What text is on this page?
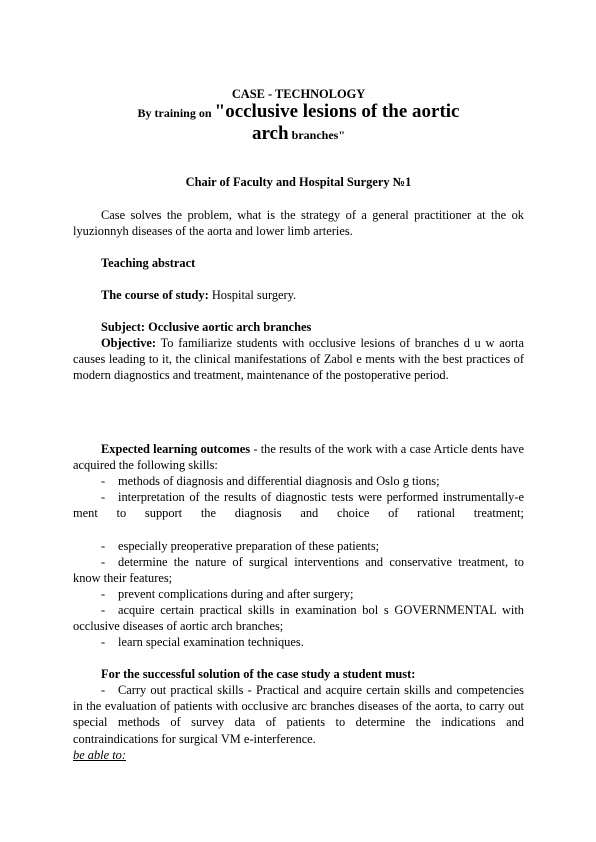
CASE - TECHNOLOGY
By training on "occlusive lesions of the aortic
arch branches"
Chair of Faculty and Hospital Surgery №1
Case solves the problem, what is the strategy of a general practitioner at the ok lyuzionnyh diseases of the aorta and lower limb arteries.
Teaching abstract
The course of study: Hospital surgery.
Subject: Occlusive aortic arch branches
Objective: To familiarize students with occlusive lesions of branches d u w aorta causes leading to it, the clinical manifestations of Zabol e ments with the best practices of modern diagnostics and treatment, maintenance of the postoperative period.
Expected learning outcomes - the results of the work with a case Article dents have acquired the following skills:
- methods of diagnosis and differential diagnosis and Oslo g tions;
- interpretation of the results of diagnostic tests were performed instrumentally-e ment to support the diagnosis and choice of rational treatment;
- especially preoperative preparation of these patients;
- determine the nature of surgical interventions and conservative treatment, to know their features;
- prevent complications during and after surgery;
- acquire certain practical skills in examination bol s GOVERNMENTAL with occlusive diseases of aortic arch branches;
- learn special examination techniques.
For the successful solution of the case study a student must:
- Carry out practical skills - Practical and acquire certain skills and competencies in the evaluation of patients with occlusive arc branches diseases of the aorta, to carry out special methods of survey data of patients to determine the indications and contraindications for surgical VM e-interference.
be able to:
